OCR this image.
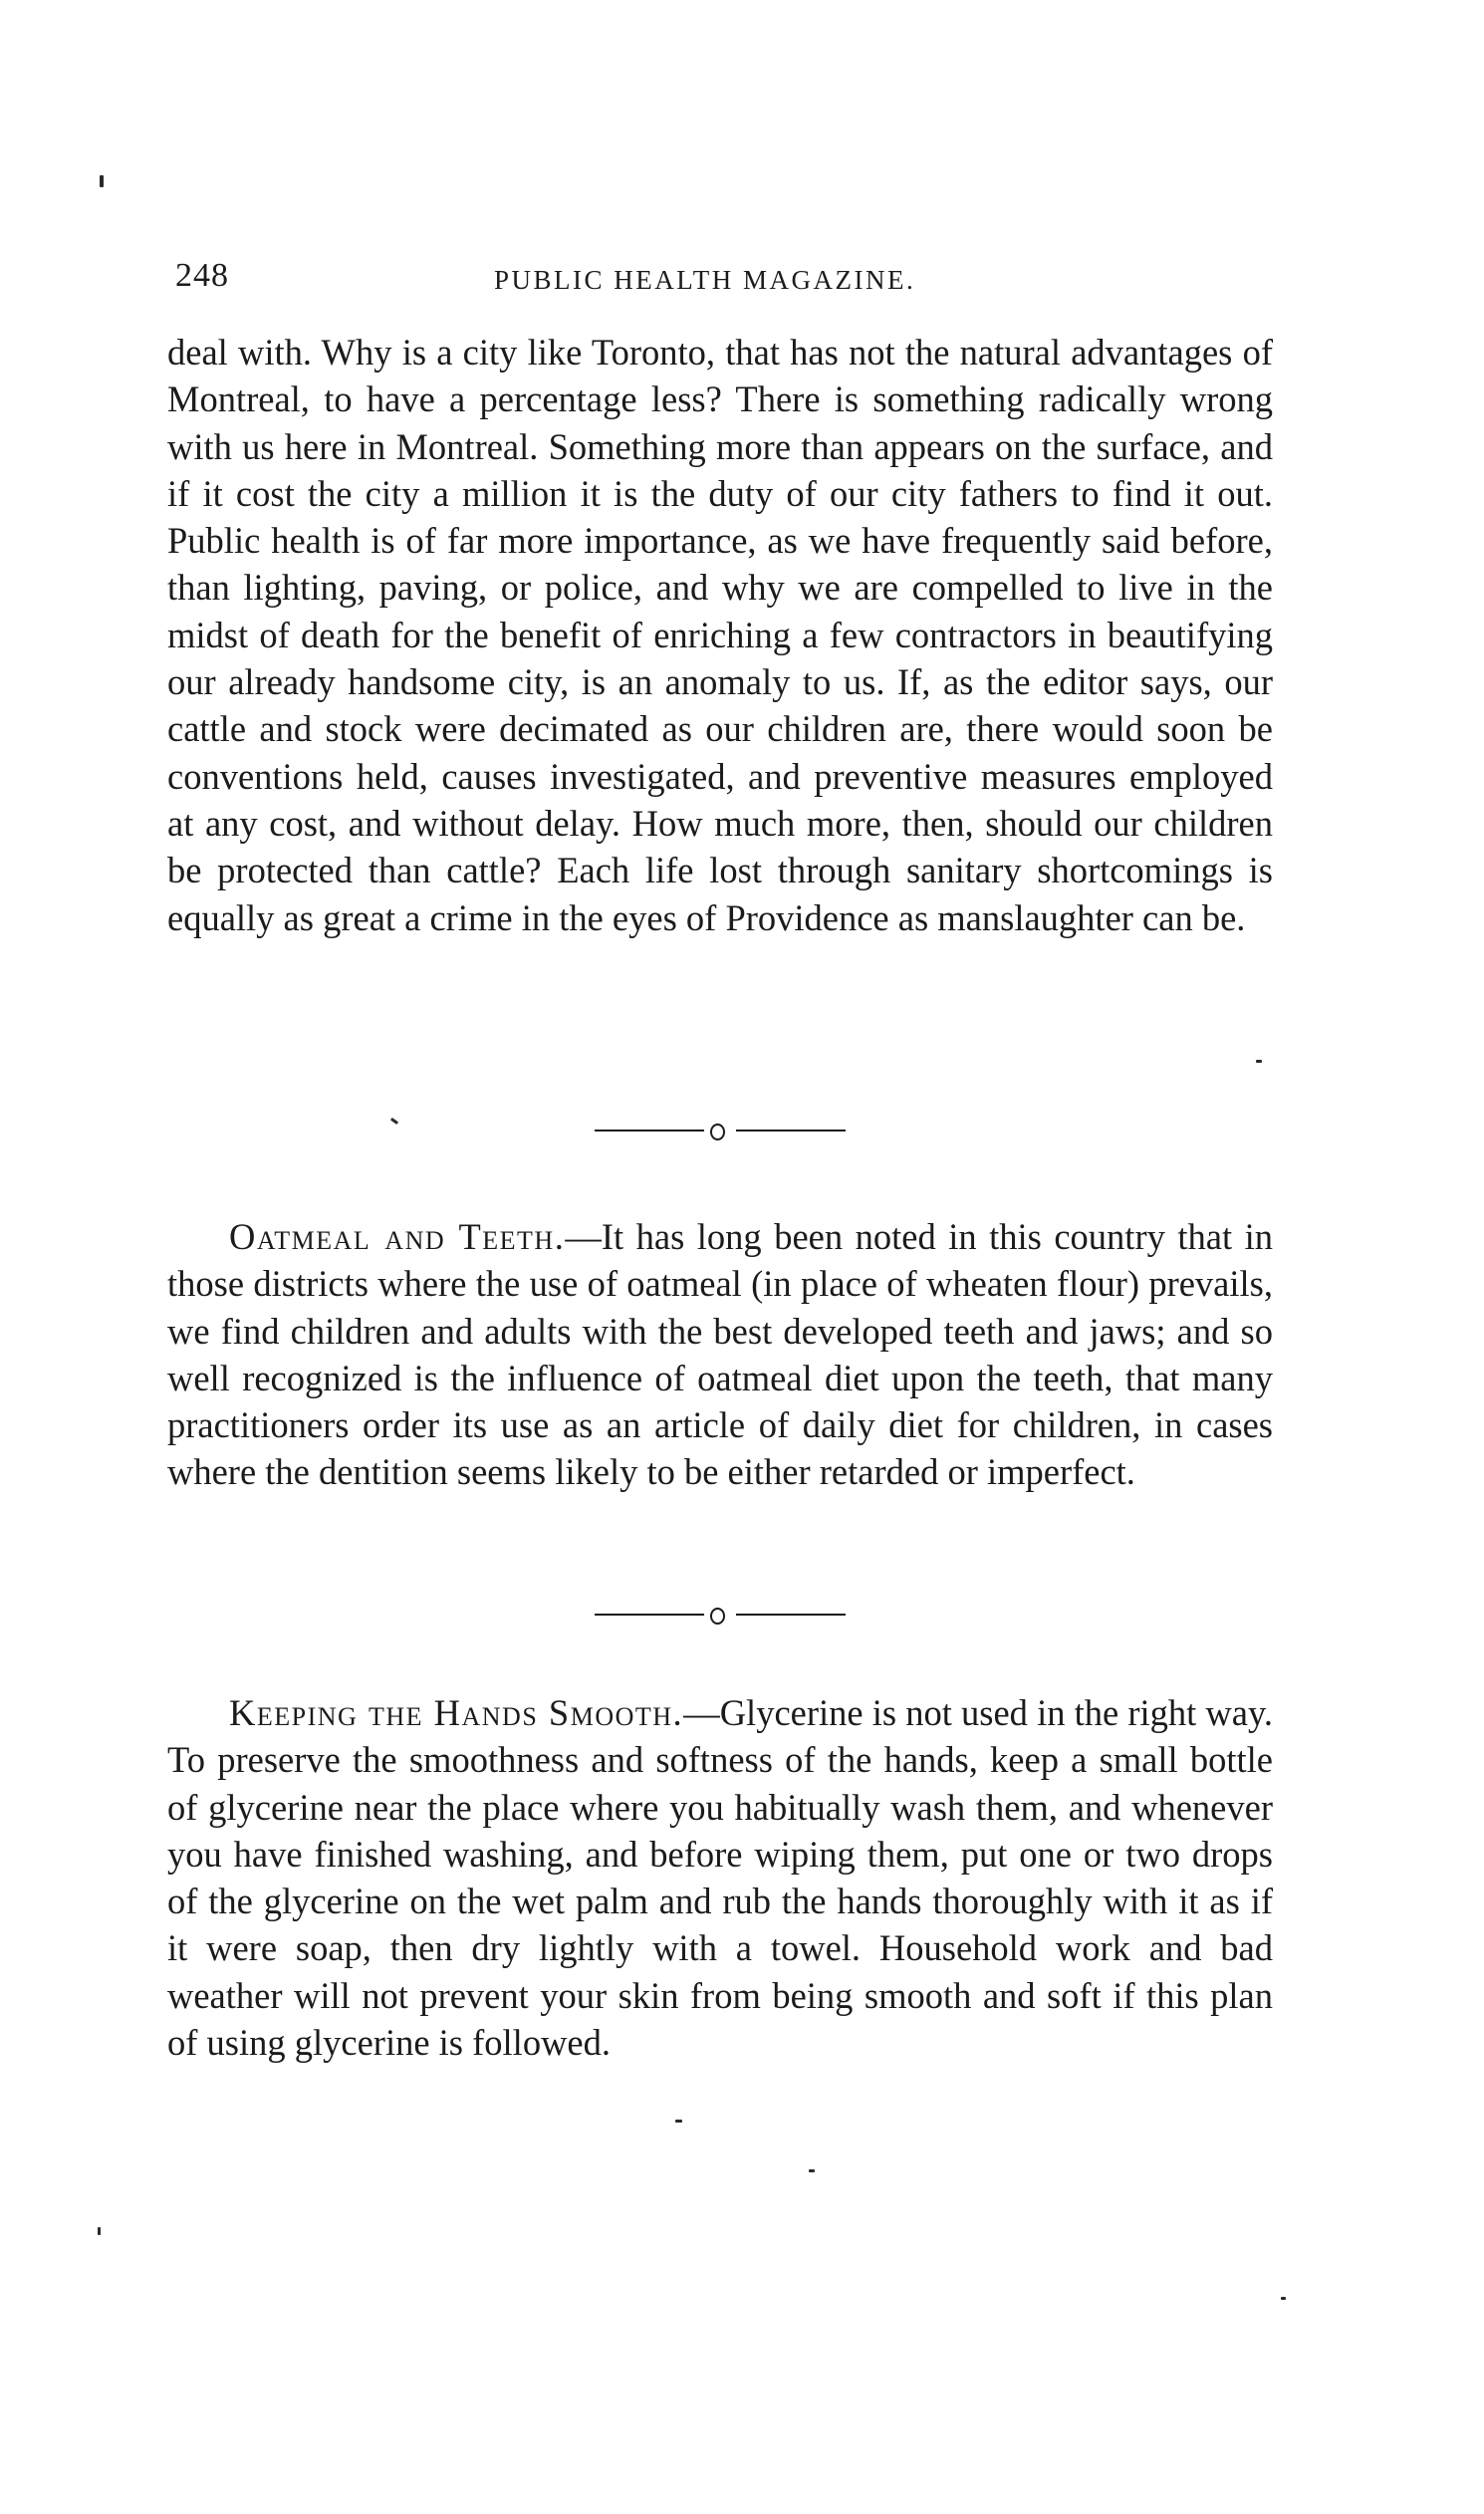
248	PUBLIC HEALTH MAGAZINE.

deal with. Why is a city like Toronto, that has not the natural advantages of Montreal, to have a percentage less? There is something radically wrong with us here in Montreal. Something more than appears on the surface, and if it cost the city a million it is the duty of our city fathers to find it out. Public health is of far more importance, as we have frequently said before, than lighting, paving, or police, and why we are compelled to live in the midst of death for the benefit of enriching a few contractors in beautifying our already handsome city, is an anomaly to us. If, as the editor says, our cattle and stock were decimated as our children are, there would soon be conventions held, causes investigated, and preventive measures employed at any cost, and without delay. How much more, then, should our children be protected than cattle? Each life lost through sanitary shortcomings is equally as great a crime in the eyes of Providence as manslaughter can be.

Oatmeal and Teeth.—It has long been noted in this country that in those districts where the use of oatmeal (in place of wheaten flour) prevails, we find children and adults with the best developed teeth and jaws; and so well recognized is the influence of oatmeal diet upon the teeth, that many practitioners order its use as an article of daily diet for children, in cases where the dentition seems likely to be either retarded or imperfect.

Keeping the Hands Smooth.—Glycerine is not used in the right way. To preserve the smoothness and softness of the hands, keep a small bottle of glycerine near the place where you habitually wash them, and whenever you have finished washing, and before wiping them, put one or two drops of the glycerine on the wet palm and rub the hands thoroughly with it as if it were soap, then dry lightly with a towel. Household work and bad weather will not prevent your skin from being smooth and soft if this plan of using glycerine is followed.
